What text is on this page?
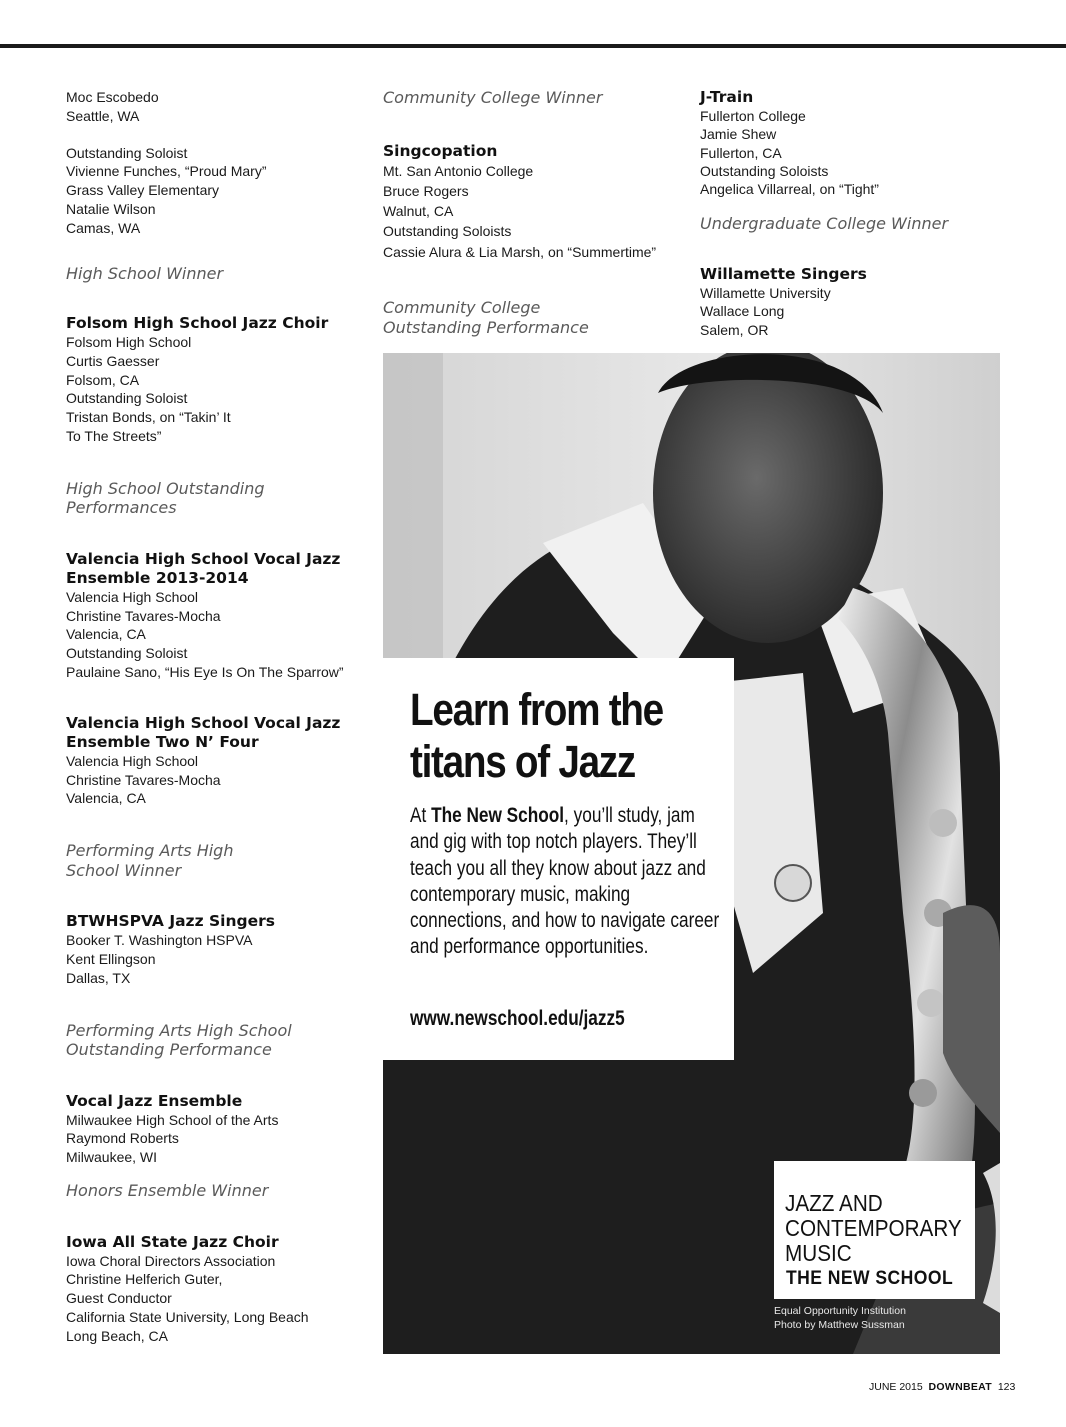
Moc Escobedo
Seattle, WA
Outstanding Soloist
Vivienne Funches, “Proud Mary”
Grass Valley Elementary
Natalie Wilson
Camas, WA
High School Winner
Folsom High School Jazz Choir
Folsom High School
Curtis Gaesser
Folsom, CA
Outstanding Soloist
Tristan Bonds, on “Takin’ It
To The Streets”
High School Outstanding
Performances
Valencia High School Vocal Jazz
Ensemble 2013-2014
Valencia High School
Christine Tavares-Mocha
Valencia, CA
Outstanding Soloist
Paulaine Sano, “His Eye Is On The Sparrow”
Valencia High School Vocal Jazz
Ensemble Two N’ Four
Valencia High School
Christine Tavares-Mocha
Valencia, CA
Performing Arts High
School Winner
BTWHSPVA Jazz Singers
Booker T. Washington HSPVA
Kent Ellingson
Dallas, TX
Performing Arts High School
Outstanding Performance
Vocal Jazz Ensemble
Milwaukee High School of the Arts
Raymond Roberts
Milwaukee, WI
Honors Ensemble Winner
Iowa All State Jazz Choir
Iowa Choral Directors Association
Christine Helferich Guter,
Guest Conductor
California State University, Long Beach
Long Beach, CA
Community College Winner
Singcopation
Mt. San Antonio College
Bruce Rogers
Walnut, CA
Outstanding Soloists
Cassie Alura & Lia Marsh, on “Summertime”
Community College
Outstanding Performance
J-Train
Fullerton College
Jamie Shew
Fullerton, CA
Outstanding Soloists
Angelica Villarreal, on “Tight”
Undergraduate College Winner
Willamette Singers
Willamette University
Wallace Long
Salem, OR
Learn from the
titans of Jazz
At The New School, you’ll study, jam and gig with top notch players. They’ll teach you all they know about jazz and contemporary music, making connections, and how to navigate career and performance opportunities.
www.newschool.edu/jazz5
JAZZ AND
CONTEMPORARY
MUSIC
THE NEW SCHOOL
Equal Opportunity Institution
Photo by Matthew Sussman
JUNE 2015 DOWNBEAT 123
